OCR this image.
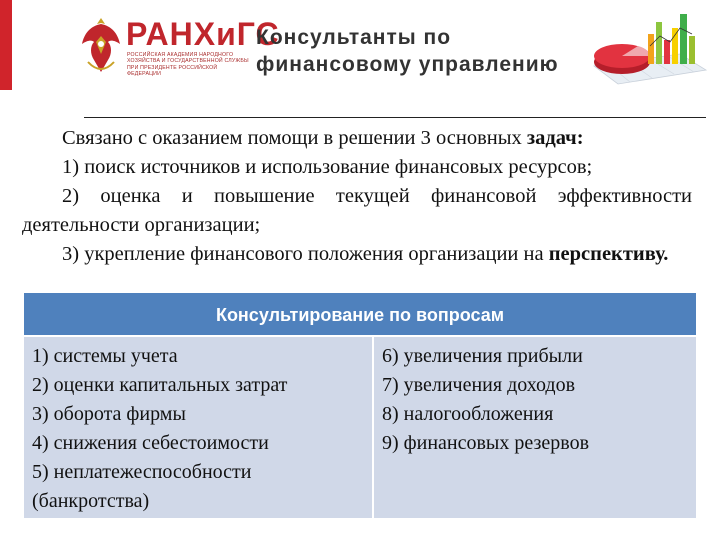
РАНХиГС
РОССИЙСКАЯ АКАДЕМИЯ НАРОДНОГО ХОЗЯЙСТВА И ГОСУДАРСТВЕННОЙ СЛУЖБЫ ПРИ ПРЕЗИДЕНТЕ РОССИЙСКОЙ ФЕДЕРАЦИИ
Консультанты по
финансовому управлению

Связано с оказанием помощи в решении 3 основных задач:

1) поиск источников и использование финансовых ресурсов;

2) оценка и повышение текущей финансовой эффективности деятельности организации;

3) укрепление финансового положения организации на перспективу.

Консультирование по вопросам
1) системы учета
2) оценки капитальных затрат
3) оборота фирмы
4) снижения себестоимости
5) неплатежеспособности
(банкротства)
6) увеличения прибыли
7) увеличения доходов
8) налогообложения
9) финансовых резервов
